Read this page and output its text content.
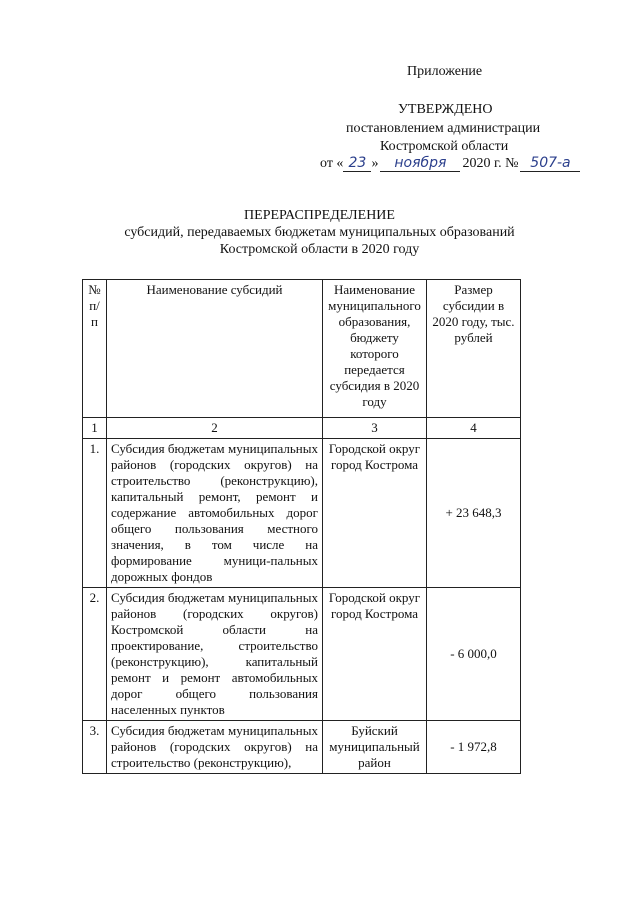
Приложение
УТВЕРЖДЕНО
постановлением администрации
Костромской области
от « 23 » ноября 2020 г. № 507-а
ПЕРЕРАСПРЕДЕЛЕНИЕ
субсидий, передаваемых бюджетам муниципальных образований
Костромской области в 2020 году
№ п/п	Наименование субсидий	Наименование муниципального образования, бюджету которого передается субсидия в 2020 году	Размер субсидии в 2020 году, тыс. рублей
1	2	3	4
1.	Субсидия бюджетам муниципальных районов (городских округов) на строительство (реконструкцию), капитальный ремонт, ремонт и содержание автомобильных дорог общего пользования местного значения, в том числе на формирование муници-пальных дорожных фондов	Городской округ город Кострома	+ 23 648,3
2.	Субсидия бюджетам муниципальных районов (городских округов) Костромской области на проектирование, строительство (реконструкцию), капитальный ремонт и ремонт автомобильных дорог общего пользования населенных пунктов	Городской округ город Кострома	- 6 000,0
3.	Субсидия бюджетам муниципальных районов (городских округов) на строительство (реконструкцию),	Буйский муниципальный район	- 1 972,8
